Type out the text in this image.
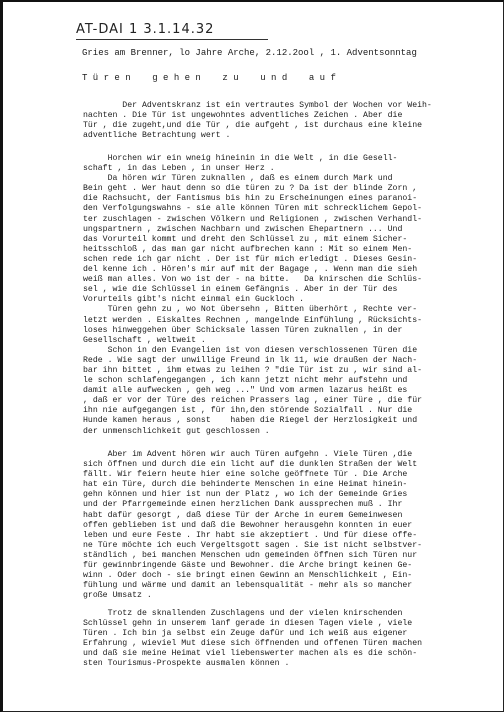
AT-DAI 1 3.1.14.32
Gries am Brenner, lo Jahre Arche, 2.12.2ool , 1. Adventsonntag
T ü r e n    g e h e n    z u    u n d    a u f
Der Adventskranz ist ein vertrautes Symbol der Wochen vor Weih-
nachten . Die Tür ist ungewohntes adventliches Zeichen . Aber die
Tür , die zugeht,und die Tür , die aufgeht , ist durchaus eine kleine
adventliche Betrachtung wert .
Horchen wir ein wneig hineinin in die Welt , in die Gesell-
schaft , in das Leben , in unser Herz .
Da hören wir Türen zuknallen , daß es einem durch Mark und
Bein geht . Wer haut denn so die türen zu ? Da ist der blinde Zorn ,
die Rachsucht, der Fantismus bis hin zu Erscheinungen eines paranoi-
den Verfolgungswahns - sie alle können Türen mit schrecklichem Gepol-
ter zuschlagen - zwischen Völkern und Religionen , zwischen Verhandl-
ungspartnern , zwischen Nachbarn und zwischen Ehepartnern ... Und
das Vorurteil kommt und dreht den Schlüssel zu , mit einem Sicher-
heitsschloß , das man gar nicht aufbrechen kann : Mit so einem Men-
schen rede ich gar nicht . Der ist für mich erledigt . Dieses Gesin-
del kenne ich . Hören's mir auf mit der Bagage , . Wenn man die sieh
weiß man alles. Von wo ist der - na bitte.   Da knirschen die Schlüs-
sel , wie die Schlüssel in einem Gefängnis . Aber in der Tür des
Vorurteils gibt's nicht einmal ein Guckloch .
Türen gehn zu , wo Not übersehn , Bitten überhört , Rechte ver-
letzt werden . Eiskaltes Rechnen , mangelnde Einfühlung , Rücksichts-
loses hinweggehen über Schicksale lassen Türen zuknallen , in der
Gesellschaft , weltweit .
Schon in den Evangelien ist von diesen verschlossenen Türen die
Rede . Wie sagt der unwillige Freund in lk 11, wie draußen der Nach-
bar ihn bittet , ihm etwas zu leihen ? "die Tür ist zu , wir sind al-
le schon schlafengegangen , ich kann jetzt nicht mehr aufstehn und
damit alle aufwecken , geh weg ..." Und vom armen lazarus heißt es
, daß er vor der Türe des reichen Prassers lag , einer Türe , die für
ihn nie aufgegangen ist , für ihn,den störende Sozialfall . Nur die
Hunde kamen heraus , sonst    haben die Riegel der Herzlosigkeit und
der unmenschlichkeit gut geschlossen .
Aber im Advent hören wir auch Türen aufgehn . Viele Türen ,die
sich öffnen und durch die ein licht auf die dunklen Straßen der Welt
fällt. Wir feiern heute hier eine solche geöffnete Tür . Die Arche
hat ein Türe, durch die behinderte Menschen in eine Heimat hinein-
gehn können und hier ist nun der Platz , wo ich der Gemeinde Gries
und der Pfarrgemeinde einen herzlichen Dank aussprechen muß . Ihr
habt dafür gesorgt , daß diese Tür der Arche in eurem Gemeinwesen
offen geblieben ist und daß die Bewohner herausgehn konnten in euer
leben und eure Feste . Ihr habt sie akzeptiert . Und für diese offe-
ne Türe möchte ich euch Vergeltsgott sagen . Sie ist nicht selbstver-
ständlich , bei manchen Menschen udn gemeinden öffnen sich Türen nur
für gewinnbringende Gäste und Bewohner. die Arche bringt keinen Ge-
winn . Oder doch - sie bringt einen Gewinn an Menschlichkeit , Ein-
fühlung und wärme und damit an lebensqualität - mehr als so mancher
große Umsatz .
Trotz de sknallenden Zuschlagens und der vielen knirschenden
Schlüssel gehn in unserem lanf gerade in diesen Tagen viele , viele
Türen . Ich bin ja selbst ein Zeuge dafür und ich weiß aus eigener
Erfahrung , wieviel Mut diese sich öffnenden und offenen Türen machen
und daß sie meine Heimat viel liebenswerter machen als es die schön-
sten Tourismus-Prospekte ausmalen können .
